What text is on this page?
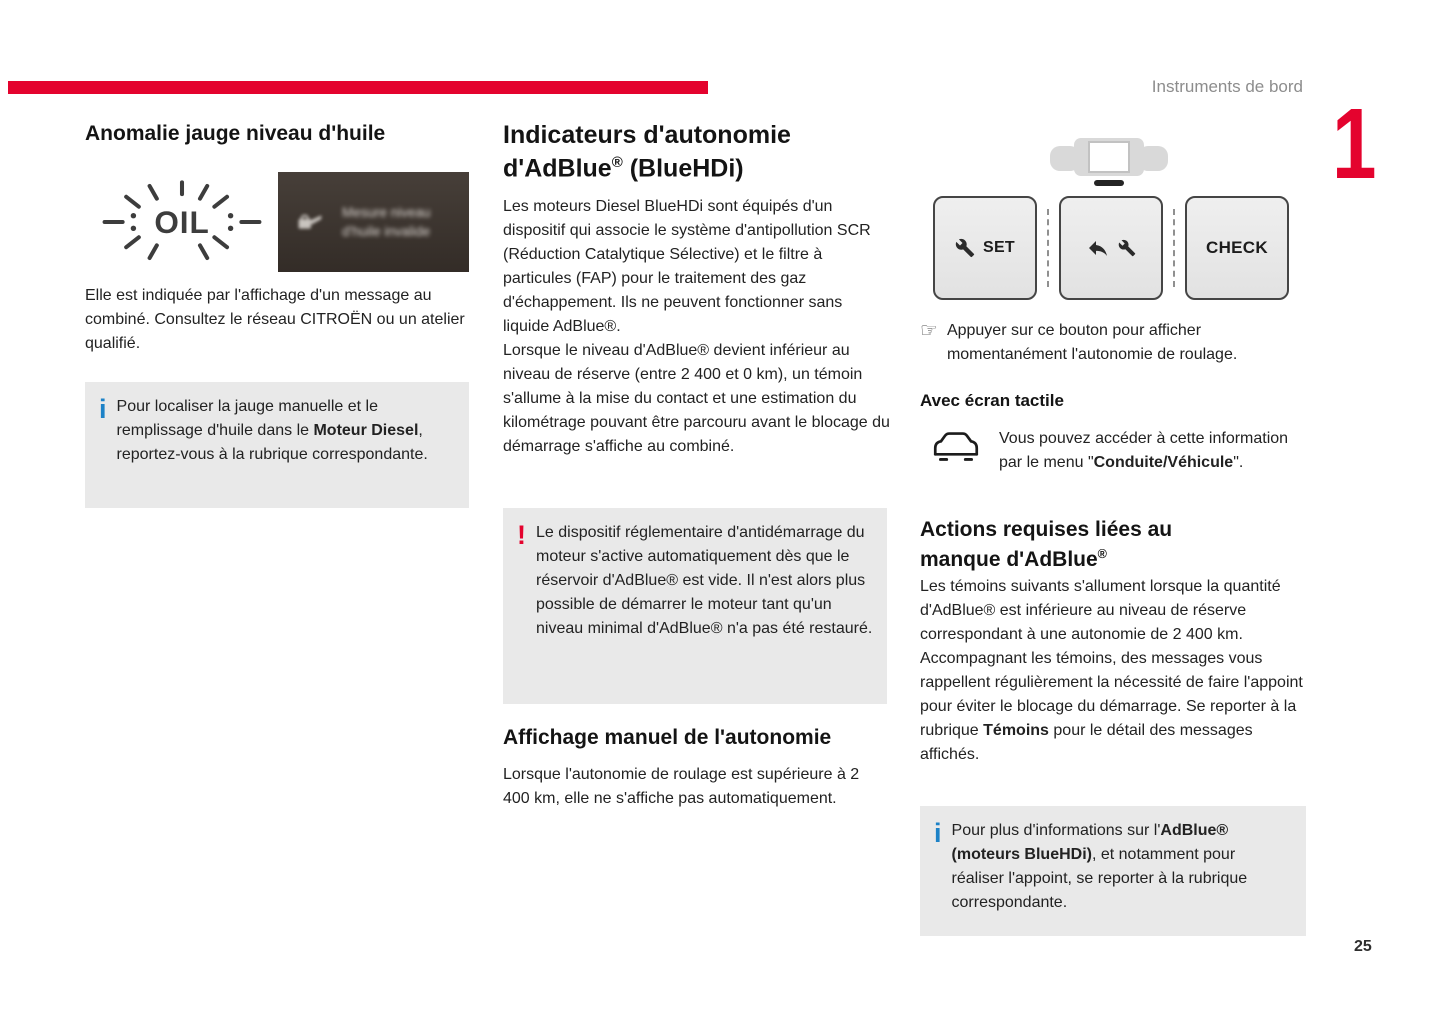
Instruments de bord
1
Anomalie jauge niveau d'huile
OIL	Mesure niveau
d'huile invalide
Elle est indiquée par l'affichage d'un message au combiné. Consultez le réseau CITROËN ou un atelier qualifié.
i Pour localiser la jauge manuelle et le remplissage d'huile dans le Moteur Diesel, reportez-vous à la rubrique correspondante.
Indicateurs d'autonomie d'AdBlue® (BlueHDi)

Les moteurs Diesel BlueHDi sont équipés d'un dispositif qui associe le système d'antipollution SCR (Réduction Catalytique Sélective) et le filtre à particules (FAP) pour le traitement des gaz d'échappement. Ils ne peuvent fonctionner sans liquide AdBlue®.

Lorsque le niveau d'AdBlue® devient inférieur au niveau de réserve (entre 2 400 et 0 km), un témoin s'allume à la mise du contact et une estimation du kilométrage pouvant être parcouru avant le blocage du démarrage s'affiche au combiné.

! Le dispositif réglementaire d'antidémarrage du moteur s'active automatiquement dès que le réservoir d'AdBlue® est vide. Il n'est alors plus possible de démarrer le moteur tant qu'un niveau minimal d'AdBlue® n'a pas été restauré.
Affichage manuel de l'autonomie
Lorsque l'autonomie de roulage est supérieure à 2 400 km, elle ne s'affiche pas automatiquement.
SET	CHECK
☞ Appuyer sur ce bouton pour afficher momentanément l'autonomie de roulage.
Avec écran tactile
Vous pouvez accéder à cette information par le menu "Conduite/Véhicule".
Actions requises liées au manque d'AdBlue®

Les témoins suivants s'allument lorsque la quantité d'AdBlue® est inférieure au niveau de réserve correspondant à une autonomie de 2 400 km.

Accompagnant les témoins, des messages vous rappellent régulièrement la nécessité de faire l'appoint pour éviter le blocage du démarrage. Se reporter à la rubrique Témoins pour le détail des messages affichés.

i Pour plus d'informations sur l'AdBlue® (moteurs BlueHDi), et notamment pour réaliser l'appoint, se reporter à la rubrique correspondante.
25
